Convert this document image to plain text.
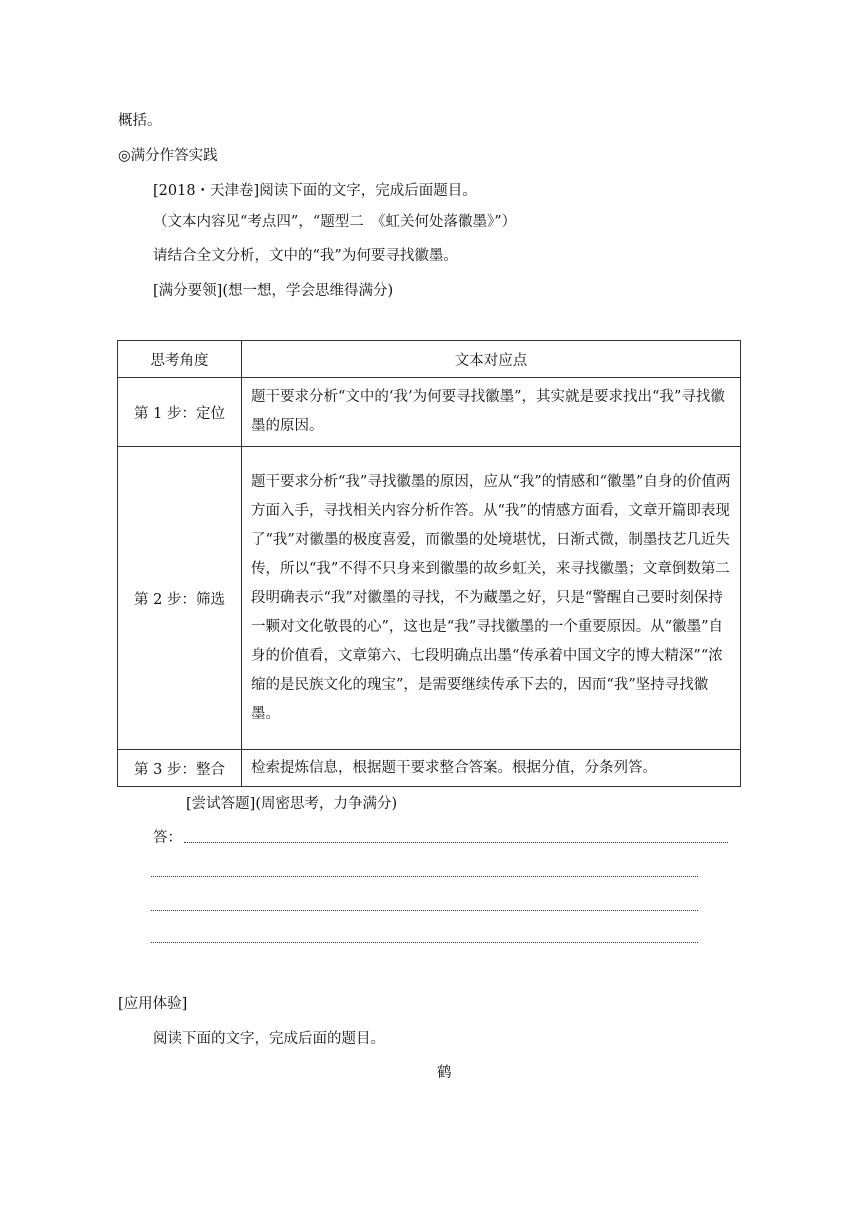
概括。
◎满分作答实践
[2018・天津卷]阅读下面的文字，完成后面题目。
（文本内容见“考点四”，“题型二　《虹关何处落徽墨》”）
请结合全文分析，文中的“我”为何要寻找徽墨。
[满分要领](想一想，学会思维得满分)
思考角度	文本对应点
第 1 步：定位	题干要求分析“文中的‘我’为何要寻找徽墨”，其实就是要求找出“我”寻找徽墨的原因。

第 2 步：筛选	题干要求分析“我”寻找徽墨的原因，应从“我”的情感和“徽墨”自身的价值两方面入手，寻找相关内容分析作答。从“我”的情感方面看，文章开篇即表现了“我”对徽墨的极度喜爱，而徽墨的处境堪忧，日渐式微，制墨技艺几近失传，所以“我”不得不只身来到徽墨的故乡虹关，来寻找徽墨；文章倒数第二段明确表示“我”对徽墨的寻找，不为藏墨之好，只是“警醒自己要时刻保持一颗对文化敬畏的心”，这也是“我”寻找徽墨的一个重要原因。从“徽墨”自身的价值看，文章第六、七段明确点出墨“传承着中国文字的博大精深”“浓缩的是民族文化的瑰宝”，是需要继续传承下去的，因而“我”坚持寻找徽墨。

第 3 步：整合	检索提炼信息，根据题干要求整合答案。根据分值，分条列答。
[尝试答题](周密思考，力争满分)
答：
[应用体验]
阅读下面的文字，完成后面的题目。
鹤
